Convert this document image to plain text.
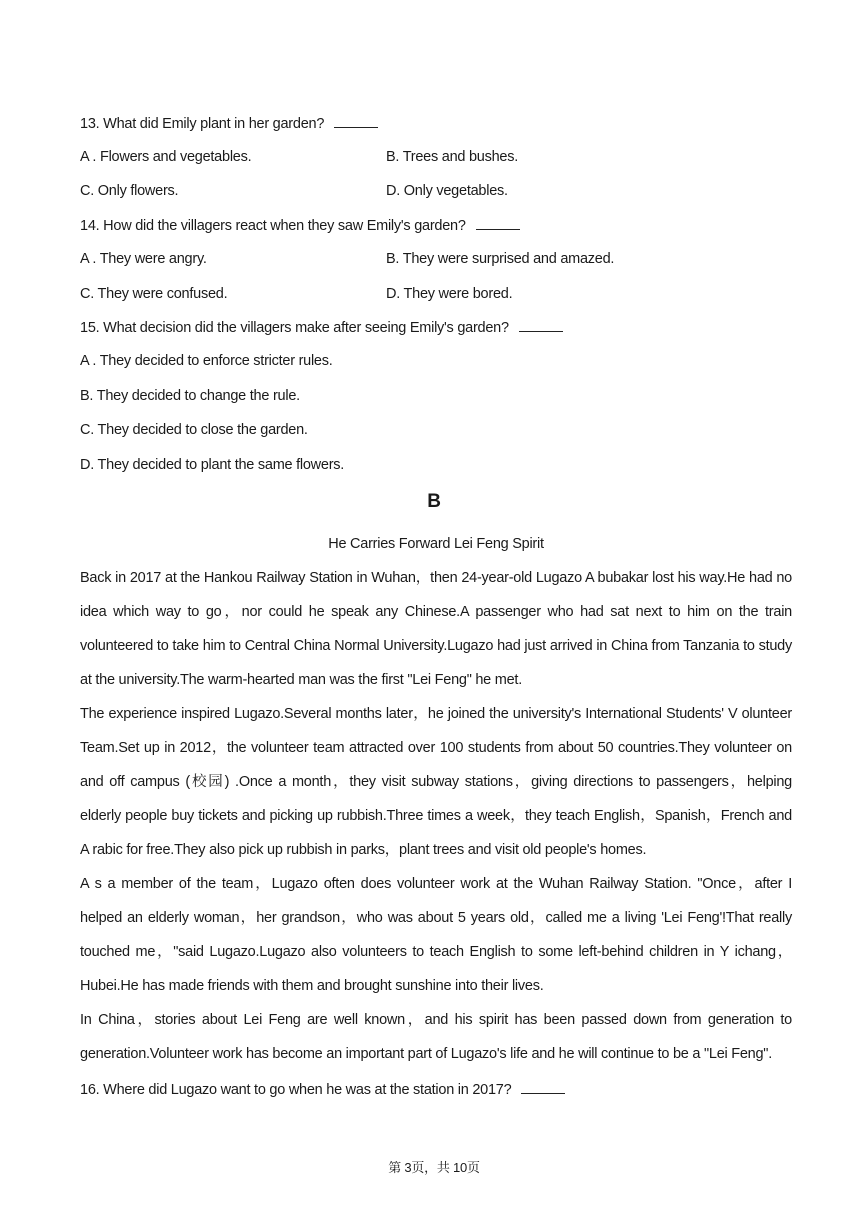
13. What did Emily plant in her garden?
A . Flowers and vegetables.	B. Trees and bushes.
C. Only flowers.	D. Only vegetables.
14. How did the villagers react when they saw Emily's garden?
A . They were angry.	B. They were surprised and amazed.
C. They were confused.	D. They were bored.
15. What decision did the villagers make after seeing Emily's garden?
A . They decided to enforce stricter rules.
B. They decided to change the rule.
C. They decided to close the garden.
D. They decided to plant the same flowers.
B
He Carries Forward Lei Feng Spirit
Back in 2017 at the Hankou Railway Station in Wuhan，then 24-year-old Lugazo A bubakar lost his way.He had no idea which way to go，nor could he speak any Chinese.A passenger who had sat next to him on the train volunteered to take him to Central China Normal University.Lugazo had just arrived in China from Tanzania to study at the university.The warm-hearted man was the first "Lei Feng" he met.
The experience inspired Lugazo.Several months later，he joined the university's International Students' V olunteer Team.Set up in 2012，the volunteer team attracted over 100 students from about 50 countries.They volunteer on and off campus (校园) .Once a month，they visit subway stations，giving directions to passengers，helping elderly people buy tickets and picking up rubbish.Three times a week，they teach English，Spanish，French and A rabic for free.They also pick up rubbish in parks，plant trees and visit old people's homes.
A s a member of the team，Lugazo often does volunteer work at the Wuhan Railway Station. "Once，after I helped an elderly woman，her grandson，who was about 5 years old，called me a living 'Lei Feng'!That really touched me，"said Lugazo.Lugazo also volunteers to teach English to some left-behind children in Y ichang，Hubei.He has made friends with them and brought sunshine into their lives.
In China，stories about Lei Feng are well known，and his spirit has been passed down from generation to generation.Volunteer work has become an important part of Lugazo's life and he will continue to be a "Lei Feng".
16. Where did Lugazo want to go when he was at the station in 2017?
第 3页，共 10页
